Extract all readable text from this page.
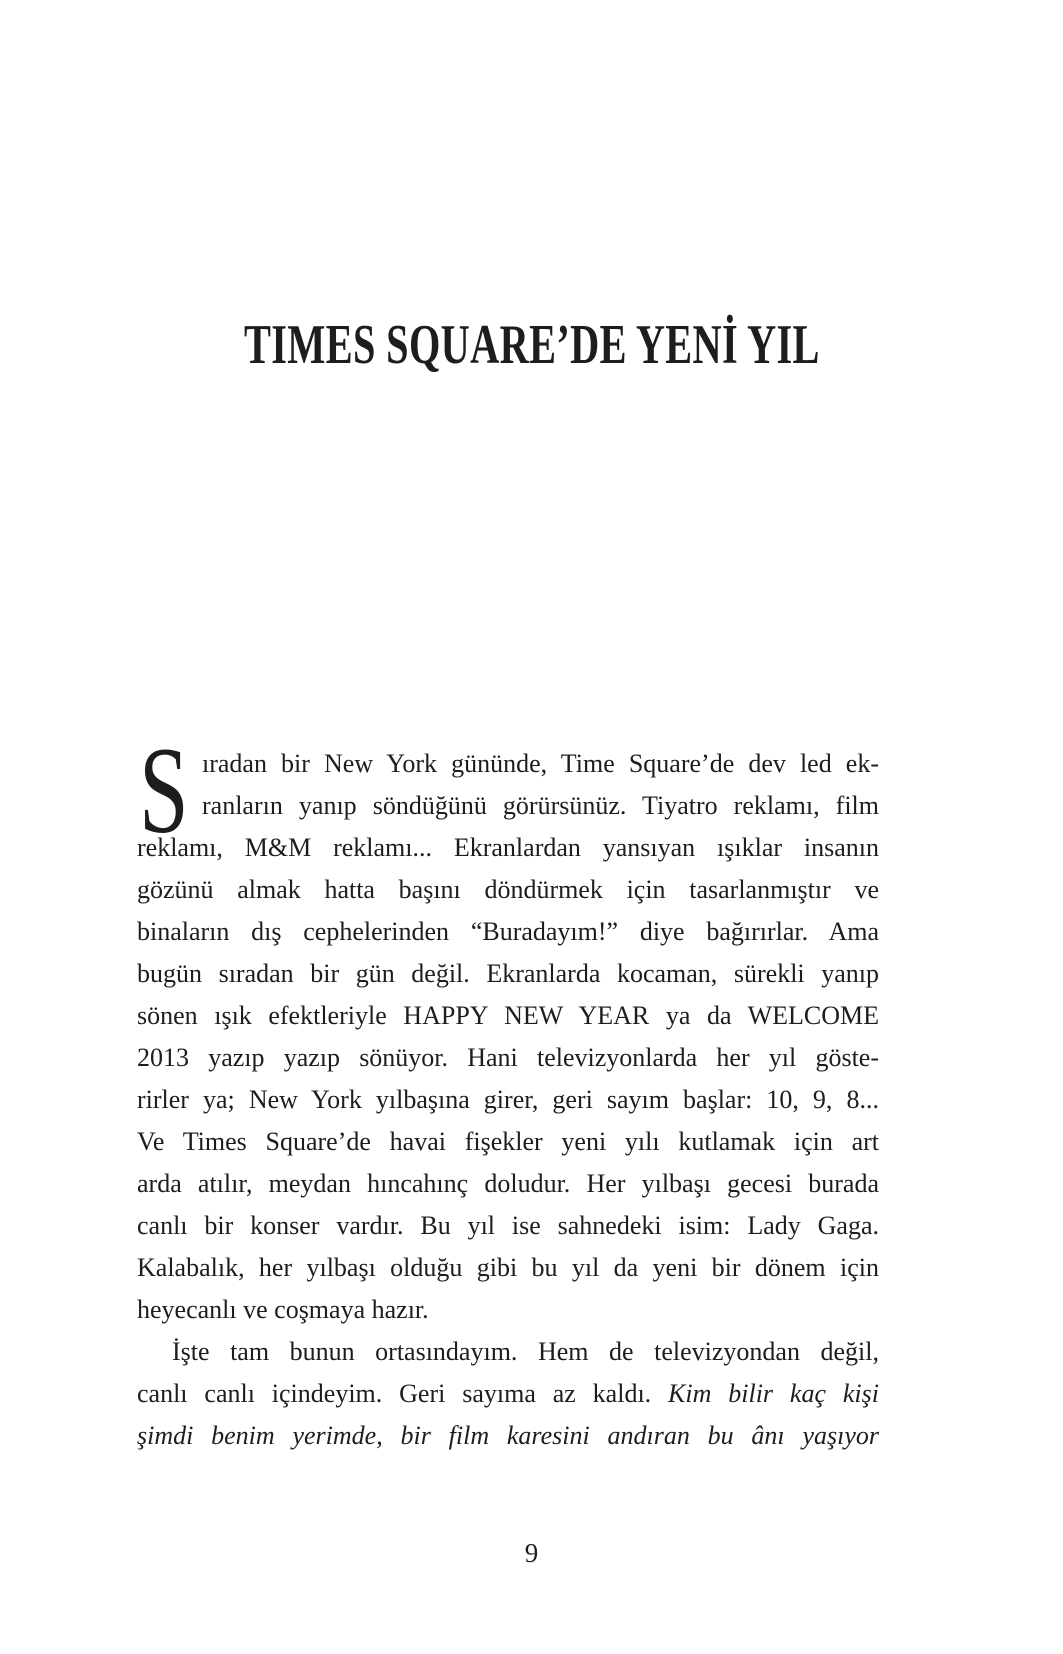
TIMES SQUARE’DE YENİ YIL
S ıradan bir New York gününde, Time Square’de dev led ek-
ranların yanıp söndüğünü görürsünüz. Tiyatro reklamı, film
reklamı, M&M reklamı... Ekranlardan yansıyan ışıklar insanın
gözünü almak hatta başını döndürmek için tasarlanmıştır ve
binaların dış cephelerinden “Buradayım!” diye bağırırlar. Ama
bugün sıradan bir gün değil. Ekranlarda kocaman, sürekli yanıp
sönen ışık efektleriyle HAPPY NEW YEAR ya da WELCOME
2013 yazıp yazıp sönüyor. Hani televizyonlarda her yıl göste-
rirler ya; New York yılbaşına girer, geri sayım başlar: 10, 9, 8...
Ve Times Square’de havai fişekler yeni yılı kutlamak için art
arda atılır, meydan hıncahınç doludur. Her yılbaşı gecesi burada
canlı bir konser vardır. Bu yıl ise sahnedeki isim: Lady Gaga.
Kalabalık, her yılbaşı olduğu gibi bu yıl da yeni bir dönem için
heyecanlı ve coşmaya hazır.
İşte tam bunun ortasındayım. Hem de televizyondan değil,
canlı canlı içindeyim. Geri sayıma az kaldı. Kim bilir kaç kişi
şimdi benim yerimde, bir film karesini andıran bu ânı yaşıyor
9
